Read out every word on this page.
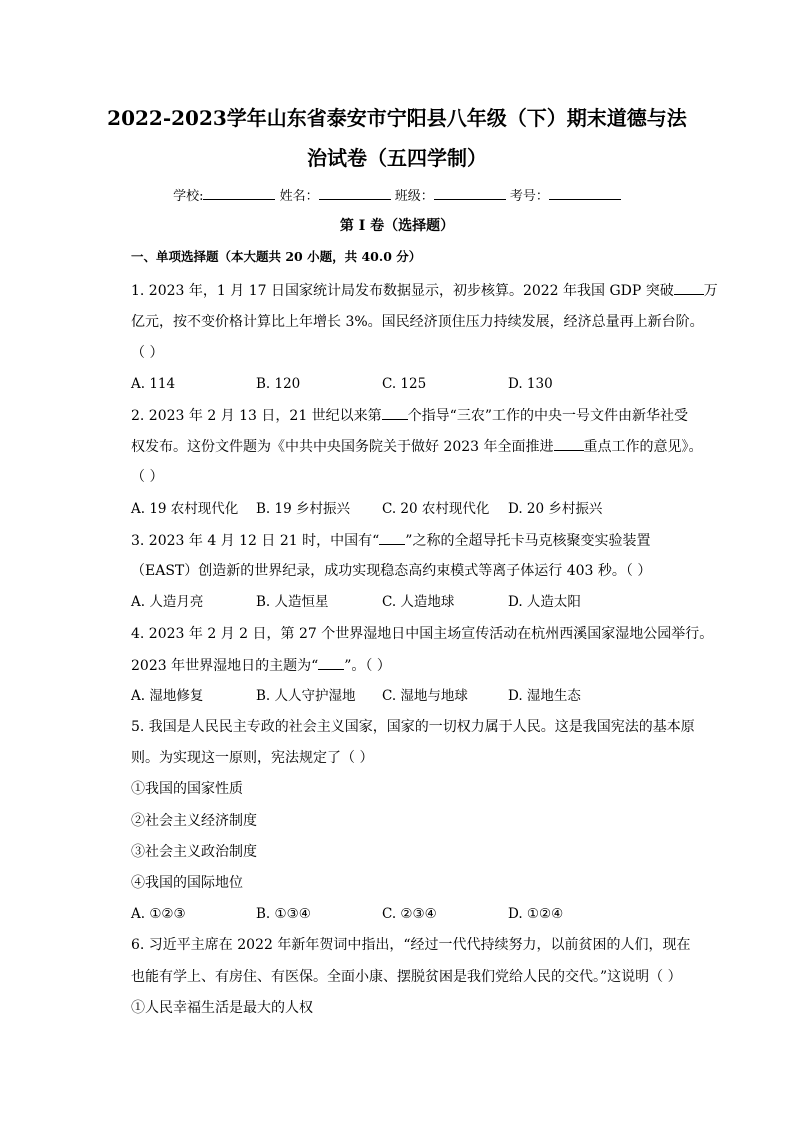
2022-2023学年山东省泰安市宁阳县八年级（下）期末道德与法
治试卷（五四学制）
学校:	姓名：	班级：	考号：
第 I 卷（选择题）
一、单项选择题（本大题共 20 小题，共 40.0 分）
1. 2023 年，1 月 17 日国家统计局发布数据显示，初步核算。2022 年我国 GDP 突破 万
亿元，按不变价格计算比上年增长 3%。国民经济顶住压力持续发展，经济总量再上新台阶。
（ ）
A. 114	B. 120	C. 125	D. 130
2. 2023 年 2 月 13 日，21 世纪以来第 个指导“三农”工作的中央一号文件由新华社受
权发布。这份文件题为《中共中央国务院关于做好 2023 年全面推进 重点工作的意见》。
（ ）
A. 19 农村现代化 B. 19 乡村振兴 C. 20 农村现代化 D. 20 乡村振兴
3. 2023 年 4 月 12 日 21 时，中国有“ ”之称的全超导托卡马克核聚变实验装置
（EAST）创造新的世界纪录，成功实现稳态高约束模式等离子体运行 403 秒。（ ）
A. 人造月亮	B. 人造恒星	C. 人造地球	D. 人造太阳
4. 2023 年 2 月 2 日，第 27 个世界湿地日中国主场宣传活动在杭州西溪国家湿地公园举行。
2023 年世界湿地日的主题为“ ”。（ ）
A. 湿地修复	B. 人人守护湿地 C. 湿地与地球	D. 湿地生态
5. 我国是人民民主专政的社会主义国家，国家的一切权力属于人民。这是我国宪法的基本原
则。为实现这一原则，宪法规定了（ ）
①我国的国家性质
②社会主义经济制度
③社会主义政治制度
④我国的国际地位
A. ①②③	B. ①③④	C. ②③④	D. ①②④
6. 习近平主席在 2022 年新年贺词中指出，“经过一代代持续努力，以前贫困的人们，现在
也能有学上、有房住、有医保。全面小康、摆脱贫困是我们党给人民的交代。”这说明（ ）
①人民幸福生活是最大的人权
